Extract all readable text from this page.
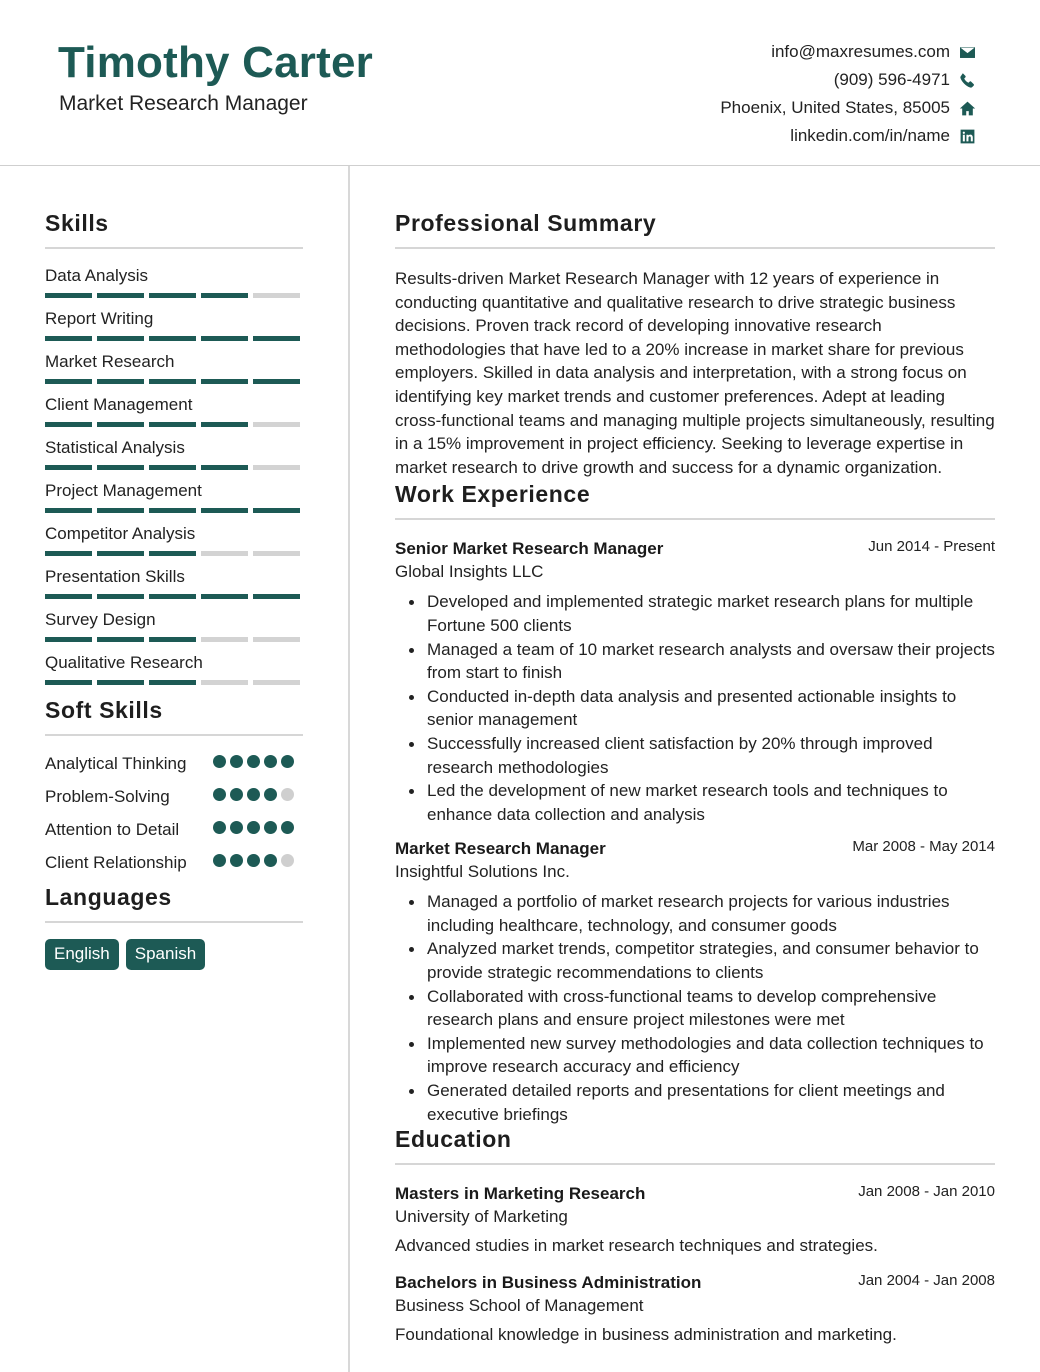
Timothy Carter
Market Research Manager
info@maxresumes.com
(909) 596-4971
Phoenix, United States, 85005
linkedin.com/in/name
Skills
Data Analysis
Report Writing
Market Research
Client Management
Statistical Analysis
Project Management
Competitor Analysis
Presentation Skills
Survey Design
Qualitative Research
Soft Skills
Analytical Thinking
Problem-Solving
Attention to Detail
Client Relationship
Languages
English	Spanish
Professional Summary
Results-driven Market Research Manager with 12 years of experience in conducting quantitative and qualitative research to drive strategic business decisions. Proven track record of developing innovative research methodologies that have led to a 20% increase in market share for previous employers. Skilled in data analysis and interpretation, with a strong focus on identifying key market trends and customer preferences. Adept at leading cross-functional teams and managing multiple projects simultaneously, resulting in a 15% improvement in project efficiency. Seeking to leverage expertise in market research to drive growth and success for a dynamic organization.
Work Experience
Senior Market Research Manager	Jun 2014 - Present
Global Insights LLC
Developed and implemented strategic market research plans for multiple Fortune 500 clients
Managed a team of 10 market research analysts and oversaw their projects from start to finish
Conducted in-depth data analysis and presented actionable insights to senior management
Successfully increased client satisfaction by 20% through improved research methodologies
Led the development of new market research tools and techniques to enhance data collection and analysis
Market Research Manager	Mar 2008 - May 2014
Insightful Solutions Inc.
Managed a portfolio of market research projects for various industries including healthcare, technology, and consumer goods
Analyzed market trends, competitor strategies, and consumer behavior to provide strategic recommendations to clients
Collaborated with cross-functional teams to develop comprehensive research plans and ensure project milestones were met
Implemented new survey methodologies and data collection techniques to improve research accuracy and efficiency
Generated detailed reports and presentations for client meetings and executive briefings
Education
Masters in Marketing Research	Jan 2008 - Jan 2010
University of Marketing
Advanced studies in market research techniques and strategies.
Bachelors in Business Administration	Jan 2004 - Jan 2008
Business School of Management
Foundational knowledge in business administration and marketing.
